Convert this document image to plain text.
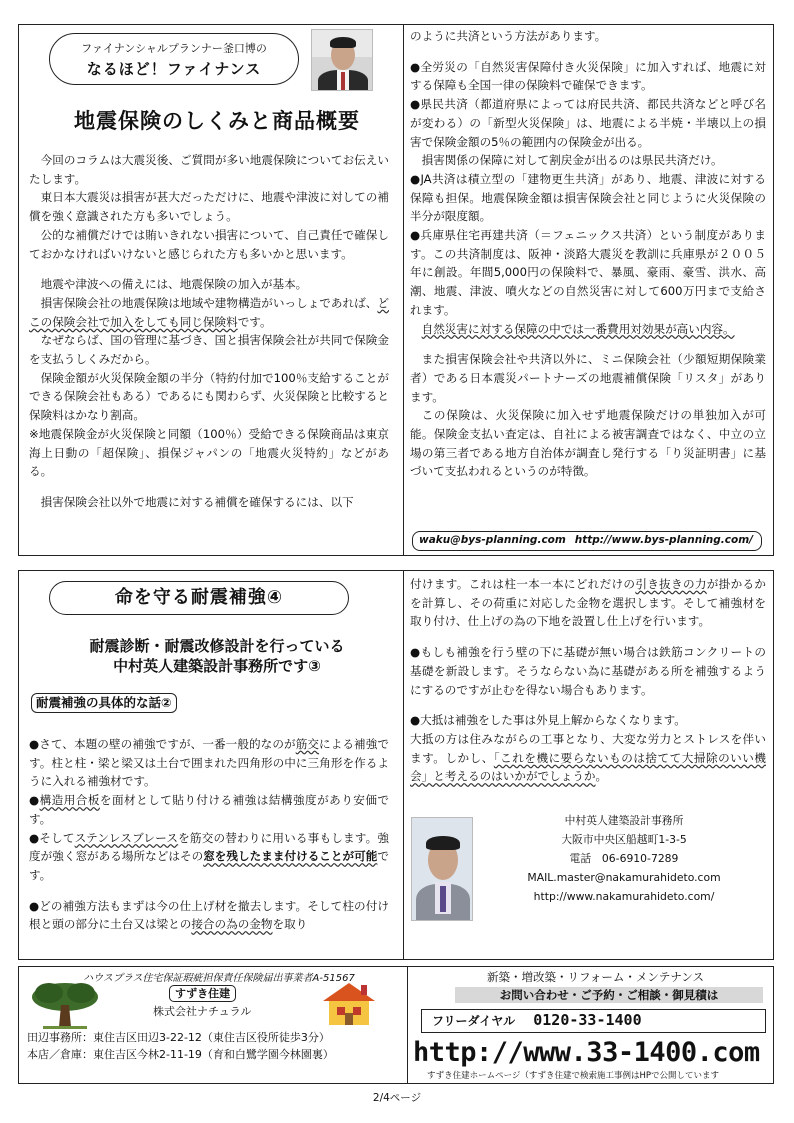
ファイナンシャルプランナー釜口博の
なるほど！ファイナンス
地震保険のしくみと商品概要

今回のコラムは大震災後、ご質問が多い地震保険についてお伝えいたします。

東日本大震災は損害が甚大だっただけに、地震や津波に対しての補償を強く意識された方も多いでしょう。

公的な補償だけでは賄いきれない損害について、自己責任で確保しておかなければいけないと感じられた方も多いかと思います。

地震や津波への備えには、地震保険の加入が基本。

損害保険会社の地震保険は地域や建物構造がいっしょであれば、どこの保険会社で加入をしても同じ保険料です。

なぜならば、国の管理に基づき、国と損害保険会社が共同で保険金を支払うしくみだから。

保険金額が火災保険金額の半分（特約付加で100％支給することができる保険会社もある）であるにも関わらず、火災保険と比較すると保険料はかなり割高。

※地震保険金が火災保険と同額（100％）受給できる保険商品は東京海上日動の「超保険」、損保ジャパンの「地震火災特約」などがある。

損害保険会社以外で地震に対する補償を確保するには、以下

のように共済という方法があります。

●全労災の「自然災害保障付き火災保険」に加入すれば、地震に対する保障も全国一律の保険料で確保できます。

●県民共済（都道府県によっては府民共済、都民共済などと呼び名が変わる）の「新型火災保険」は、地震による半焼・半壊以上の損害で保険金額の5％の範囲内の保険金が出る。

損害関係の保障に対して割戻金が出るのは県民共済だけ。

●JA共済は積立型の「建物更生共済」があり、地震、津波に対する保障も担保。地震保険金額は損害保険会社と同じように火災保険の半分が限度額。

●兵庫県住宅再建共済（＝フェニックス共済）という制度があります。この共済制度は、阪神・淡路大震災を教訓に兵庫県が２００５年に創設。年間5,000円の保険料で、暴風、豪雨、豪雪、洪水、高潮、地震、津波、噴火などの自然災害に対して600万円まで支給されます。

自然災害に対する保障の中では一番費用対効果が高い内容。

また損害保険会社や共済以外に、ミニ保険会社（少額短期保険業者）である日本震災パートナーズの地震補償保険「リスタ」があります。

この保険は、火災保険に加入せず地震保険だけの単独加入が可能。保険金支払い査定は、自社による被害調査ではなく、中立の立場の第三者である地方自治体が調査し発行する「り災証明書」に基づいて支払われるというのが特徴。

waku@bys-planning.com http://www.bys-planning.com/
命を守る耐震補強④
耐震診断・耐震改修設計を行っている
中村英人建築設計事務所です③
耐震補強の具体的な話②

●さて、本題の壁の補強ですが、一番一般的なのが筋交による補強です。柱と柱・梁と梁又は土台で囲まれた四角形の中に三角形を作るように入れる補強材です。

●構造用合板を面材として貼り付ける補強は結構強度があり安価です。

●そしてステンレスブレースを筋交の替わりに用いる事もします。強度が強く窓がある場所などはその窓を残したまま付けることが可能です。

●どの補強方法もまずは今の仕上げ材を撤去します。そして柱の付け根と頭の部分に土台又は梁との接合の為の金物を取り

付けます。これは柱一本一本にどれだけの引き抜きの力が掛かるかを計算し、その荷重に対応した金物を選択します。そして補強材を取り付け、仕上げの為の下地を設置し仕上げを行います。

●もしも補強を行う壁の下に基礎が無い場合は鉄筋コンクリートの基礎を新設します。そうならない為に基礎がある所を補強するようにするのですが止むを得ない場合もあります。

●大抵は補強をした事は外見上解からなくなります。

大抵の方は住みながらの工事となり、大変な労力とストレスを伴います。しかし、「これを機に要らないものは捨てて大掃除のいい機会」と考えるのはいかがでしょうか。

中村英人建築設計事務所
大阪市中央区船越町1-3-5
電話　06-6910-7289
MAIL.master@nakamurahideto.com
http://www.nakamurahideto.com/
ハウスプラス住宅保証瑕疵担保責任保険届出事業者A-51567
すずき住建
株式会社ナチュラル
田辺事務所：東住吉区田辺3-22-12（東住吉区役所徒歩3分）
本店／倉庫：東住吉区今林2-11-19（育和白鷺学園今林園裏）
新築・増改築・リフォーム・メンテナンス
お問い合わせ・ご予約・ご相談・御見積は
フリーダイヤル 0120-33-1400
http://www.33-1400.com
すずき住建ホームページ（すずき住建で検索施工事例はHPで公開しています
2/4ページ
